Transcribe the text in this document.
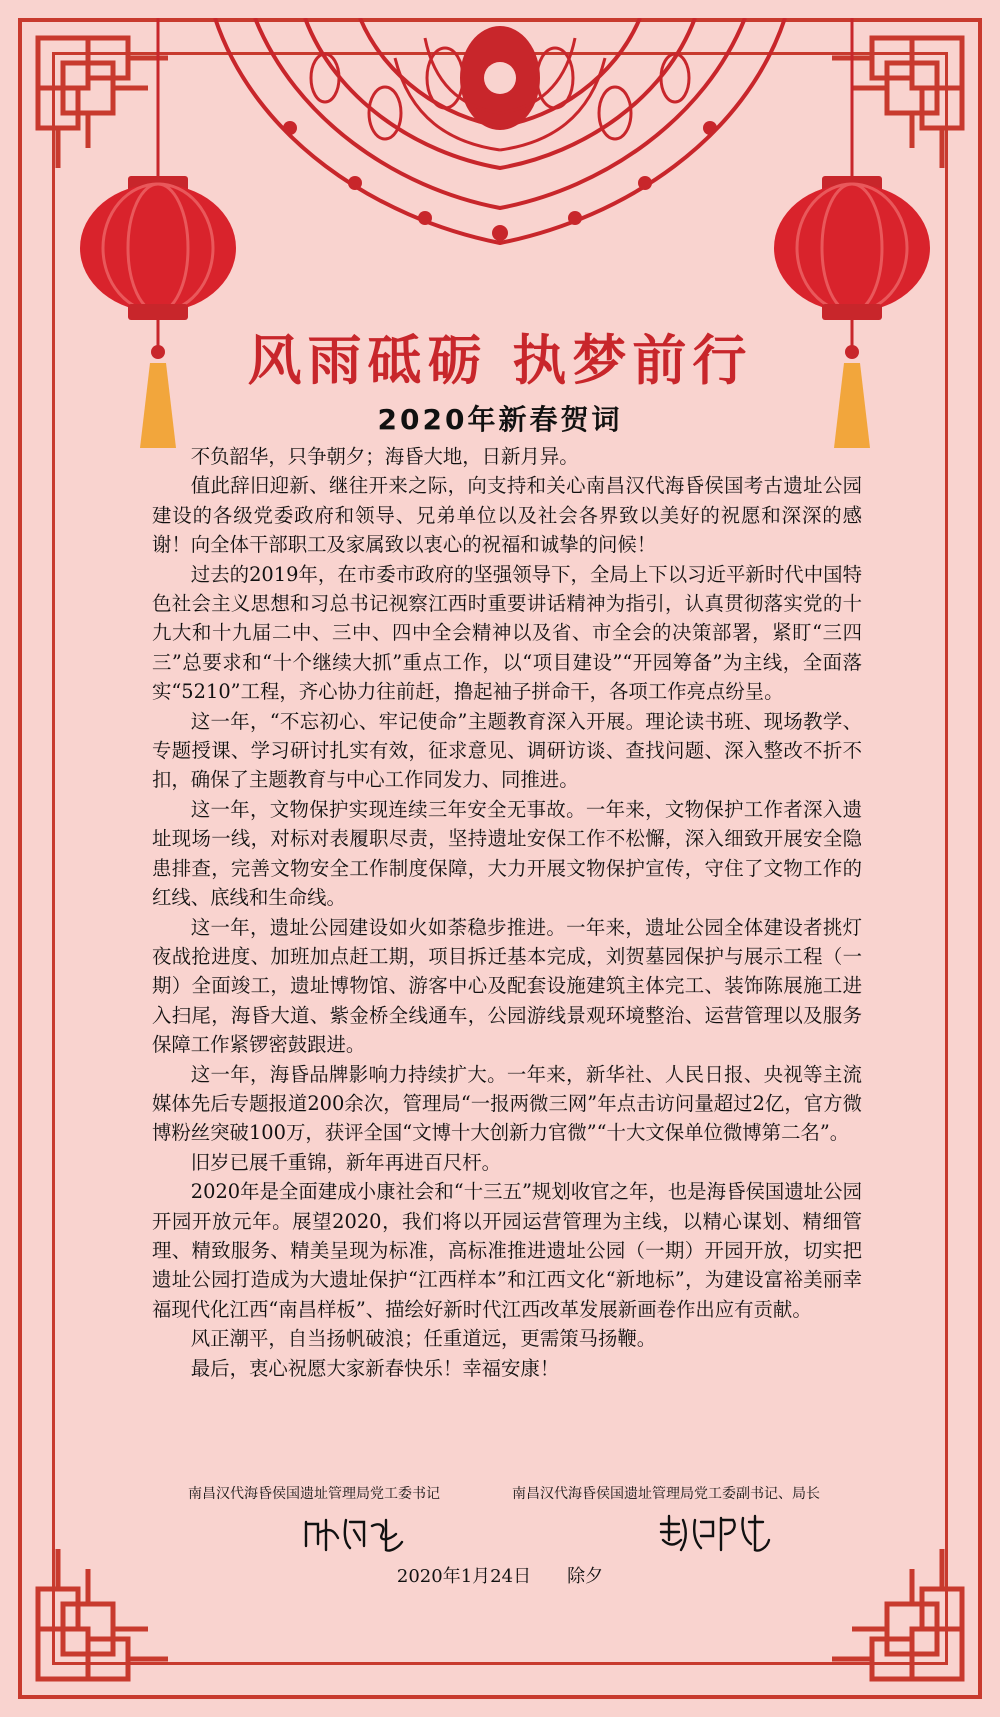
风雨砥砺 执梦前行
2020年新春贺词

不负韶华，只争朝夕；海昏大地，日新月异。

值此辞旧迎新、继往开来之际，向支持和关心南昌汉代海昏侯国考古遗址公园建设的各级党委政府和领导、兄弟单位以及社会各界致以美好的祝愿和深深的感谢！向全体干部职工及家属致以衷心的祝福和诚挚的问候！

过去的2019年，在市委市政府的坚强领导下，全局上下以习近平新时代中国特色社会主义思想和习总书记视察江西时重要讲话精神为指引，认真贯彻落实党的十九大和十九届二中、三中、四中全会精神以及省、市全会的决策部署，紧盯“三四三”总要求和“十个继续大抓”重点工作，以“项目建设”“开园筹备”为主线，全面落实“5210”工程，齐心协力往前赶，撸起袖子拼命干，各项工作亮点纷呈。

这一年，“不忘初心、牢记使命”主题教育深入开展。理论读书班、现场教学、专题授课、学习研讨扎实有效，征求意见、调研访谈、查找问题、深入整改不折不扣，确保了主题教育与中心工作同发力、同推进。

这一年，文物保护实现连续三年安全无事故。一年来，文物保护工作者深入遗址现场一线，对标对表履职尽责，坚持遗址安保工作不松懈，深入细致开展安全隐患排查，完善文物安全工作制度保障，大力开展文物保护宣传，守住了文物工作的红线、底线和生命线。

这一年，遗址公园建设如火如荼稳步推进。一年来，遗址公园全体建设者挑灯夜战抢进度、加班加点赶工期，项目拆迁基本完成，刘贺墓园保护与展示工程（一期）全面竣工，遗址博物馆、游客中心及配套设施建筑主体完工、装饰陈展施工进入扫尾，海昏大道、紫金桥全线通车，公园游线景观环境整治、运营管理以及服务保障工作紧锣密鼓跟进。

这一年，海昏品牌影响力持续扩大。一年来，新华社、人民日报、央视等主流媒体先后专题报道200余次，管理局“一报两微三网”年点击访问量超过2亿，官方微博粉丝突破100万，获评全国“文博十大创新力官微”“十大文保单位微博第二名”。

旧岁已展千重锦，新年再进百尺杆。

2020年是全面建成小康社会和“十三五”规划收官之年，也是海昏侯国遗址公园开园开放元年。展望2020，我们将以开园运营管理为主线，以精心谋划、精细管理、精致服务、精美呈现为标准，高标准推进遗址公园（一期）开园开放，切实把遗址公园打造成为大遗址保护“江西样本”和江西文化“新地标”，为建设富裕美丽幸福现代化江西“南昌样板”、描绘好新时代江西改革发展新画卷作出应有贡献。

风正潮平，自当扬帆破浪；任重道远，更需策马扬鞭。

最后，衷心祝愿大家新春快乐！幸福安康！

南昌汉代海昏侯国遗址管理局党工委书记	南昌汉代海昏侯国遗址管理局党工委副书记、局长
2020年1月24日 除夕
